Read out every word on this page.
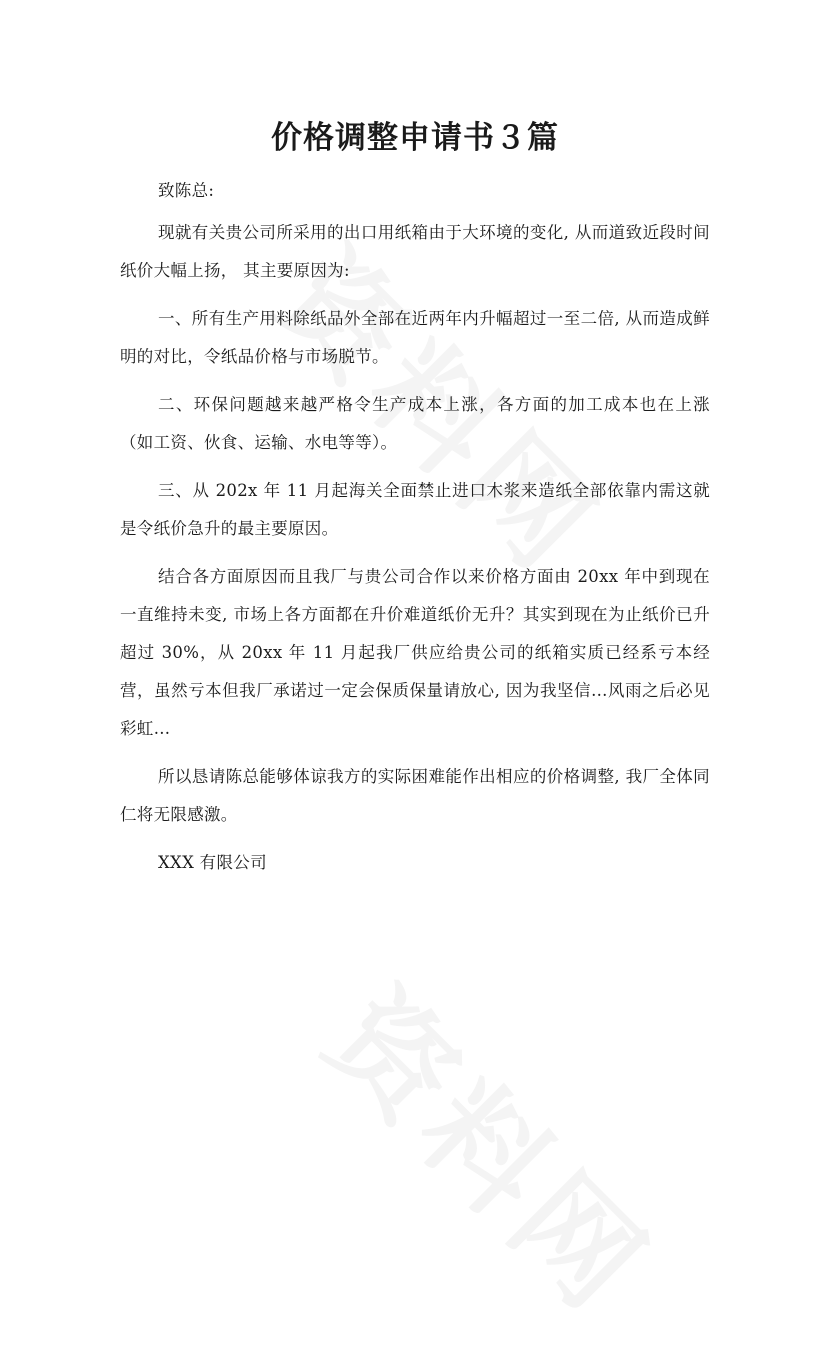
价格调整申请书３篇

致陈总:

现就有关贵公司所采用的出口用纸箱由于大环境的变化, 从而道致近段时间纸价大幅上扬， 其主要原因为:

一、所有生产用料除纸品外全部在近两年内升幅超过一至二倍, 从而造成鲜明的对比，令纸品价格与市场脱节。

二、环保问题越来越严格令生产成本上涨，各方面的加工成本也在上涨（如工资、伙食、运输、水电等等）。

三、从 202x 年 11 月起海关全面禁止进口木浆来造纸全部依靠内需这就是令纸价急升的最主要原因。

结合各方面原因而且我厂与贵公司合作以来价格方面由 20xx 年中到现在一直维持未变, 市场上各方面都在升价难道纸价无升？其实到现在为止纸价已升超过 30%，从 20xx 年 11 月起我厂供应给贵公司的纸箱实质已经系亏本经营，虽然亏本但我厂承诺过一定会保质保量请放心, 因为我坚信…风雨之后必见彩虹…

所以恳请陈总能够体谅我方的实际困难能作出相应的价格调整, 我厂全体同仁将无限感激。

XXX 有限公司
